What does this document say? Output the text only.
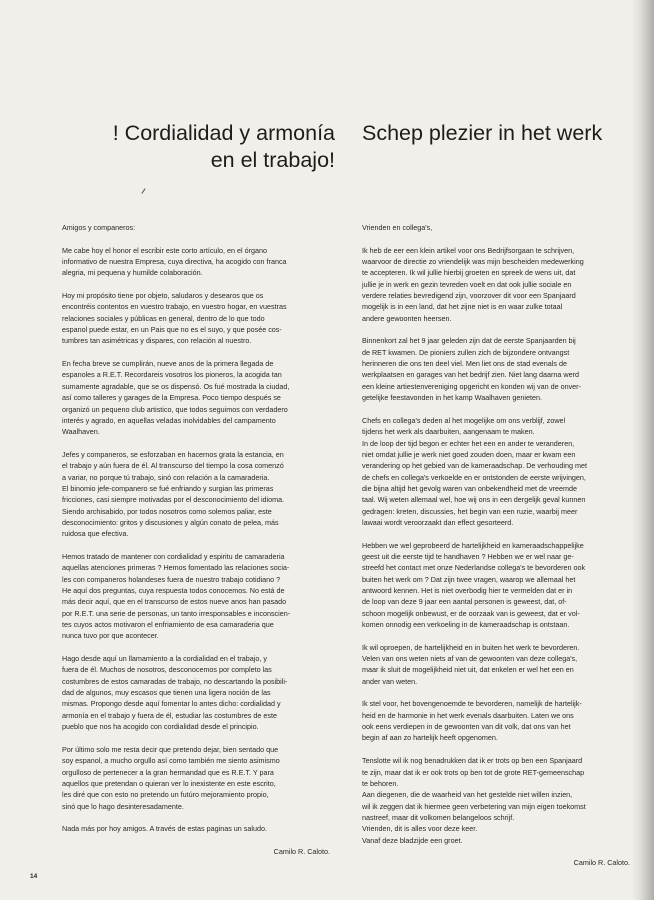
! Cordialidad y armonía
en el trabajo!
Schep plezier in het werk

Amigos y companeros:

Me cabe hoy el honor el escribir este corto artículo, en el órgano
informativo de nuestra Empresa, cuya directiva, ha acogido con franca
alegria, mi pequena y humilde colaboración.

Hoy mi propósito tiene por objeto, saludaros y desearos que os
encontréis contentos en vuestro trabajo, en vuestro hogar, en vuestras
relaciones sociales y públicas en general, dentro de lo que todo
espanol puede estar, en un Pais que no es el suyo, y que posée cos-
tumbres tan asimétricas y dispares, con relación al nuestro.

En fecha breve se cumplirán, nueve anos de la primera llegada de
espanoles a R.E.T. Recordareis vosotros los pioneros, la acogida tan
sumamente agradable, que se os dispensó. Os fué mostrada la ciudad,
así como talleres y garages de la Empresa. Poco tiempo después se
organizó un pequeno club artistico, que todos seguimos con verdadero
interés y agrado, en aquellas veladas inolvidables del campamento
Waalhaven.

Jefes y companeros, se esforzaban en hacernos grata la estancia, en
el trabajo y aún fuera de él. Al transcurso del tiempo la cosa comenzó
a variar, no porque tú trabajo, sinó con relación a la camaraderia.
El binomio jefe-companero se fué enfriando y surgian las primeras
fricciones, casi siempre motivadas por el desconocimiento del idioma.
Siendo archisabido, por todos nosotros como solemos paliar, este
desconocimiento: gritos y discusiones y algún conato de pelea, más
ruidosa que efectiva.

Hemos tratado de mantener con cordialidad y espiritu de camaraderia
aquellas atenciones primeras ? Hemos fomentado las relaciones socia-
les con companeros holandeses fuera de nuestro trabajo cotidiano ?
He aquí dos preguntas, cuya respuesta todos conocemos. No está de
más decir aquí, que en el transcurso de estos nueve anos han pasado
por R.E.T. una serie de personas, un tanto irresponsables e inconscien-
tes cuyos actos motivaron el enfriamiento de esa camaraderia que
nunca tuvo por que acontecer.

Hago desde aquí un llamamiento a la cordialidad en el trabajo, y
fuera de él. Muchos de nosotros, desconocemos por completo las
costumbres de estos camaradas de trabajo, no descartando la posibili-
dad de algunos, muy escasos que tienen una ligera noción de las
mismas. Propongo desde aquí fomentar lo antes dicho: cordialidad y
armonía en el trabajo y fuera de él, estudiar las costumbres de este
pueblo que nos ha acogido con cordialidad desde el principio.

Por último solo me resta decir que pretendo dejar, bien sentado que
soy espanol, a mucho orgullo así como también me siento asimismo
orgulloso de pertenecer a la gran hermandad que es R.E.T. Y para
aquellos que pretendan o quieran ver lo inexistente en este escrito,
les diré que con esto no pretendo un futúro mejoramiento propio,
sinó que lo hago desinteresadamente.

Nada más por hoy amigos. A través de estas paginas un saludo.

Camilo R. Caloto.

Vrienden en collega's,

Ik heb de eer een klein artikel voor ons Bedrijfsorgaan te schrijven,
waarvoor de directie zo vriendelijk was mijn bescheiden medewerking
te accepteren. Ik wil jullie hierbij groeten en spreek de wens uit, dat
jullie je in werk en gezin tevreden voelt en dat ook jullie sociale en
verdere relaties bevredigend zijn, voorzover dit voor een Spanjaard
mogelijk is in een land, dat het zijne niet is en waar zulke totaal
andere gewoonten heersen.

Binnenkort zal het 9 jaar geleden zijn dat de eerste Spanjaarden bij
de RET kwamen. De pioniers zullen zich de bijzondere ontvangst
herinneren die ons ten deel viel. Men liet ons de stad evenals de
werkplaatsen en garages van het bedrijf zien. Niet lang daarna werd
een kleine artiestenvereniging opgericht en konden wij van de onver-
getelijke feestavonden in het kamp Waalhaven genieten.

Chefs en collega's deden al het mogelijke om ons verblijf, zowel
tijdens het werk als daarbuiten, aangenaam te maken.
In de loop der tijd begon er echter het een en ander te veranderen,
niet omdat jullie je werk niet goed zouden doen, maar er kwam een
verandering op het gebied van de kameraadschap. De verhouding met
de chefs en collega's verkoelde en er ontstonden de eerste wrijvingen,
die bijna altijd het gevolg waren van onbekendheid met de vreemde
taal. Wij weten allemaal wel, hoe wij ons in een dergelijk geval kunnen
gedragen: kreten, discussies, het begin van een ruzie, waarbij meer
lawaai wordt veroorzaakt dan effect gesorteerd.

Hebben we wel geprobeerd de hartelijkheid en kameraadschappelijke
geest uit die eerste tijd te handhaven ? Hebben we er wel naar ge-
streefd het contact met onze Nederlandse collega's te bevorderen ook
buiten het werk om ? Dat zijn twee vragen, waarop we allemaal het
antwoord kennen. Het is niet overbodig hier te vermelden dat er in
de loop van deze 9 jaar een aantal personen is geweest, dat, of-
schoon mogelijk onbewust, er de oorzaak van is geweest, dat er vol-
komen onnodig een verkoeling in de kameraadschap is ontstaan.

Ik wil oproepen, de hartelijkheid en in buiten het werk te bevorderen.
Velen van ons weten niets af van de gewoonten van deze collega's,
maar ik sluit de mogelijkheid niet uit, dat enkelen er wel het een en
ander van weten.

Ik stel voor, het bovengenoemde te bevorderen, namelijk de hartelijk-
heid en de harmonie in het werk evenals daarbuiten. Laten we ons
ook eens verdiepen in de gewoonten van dit volk, dat ons van het
begin af aan zo hartelijk heeft opgenomen.

Tenslotte wil ik nog benadrukken dat ik er trots op ben een Spanjaard
te zijn, maar dat ik er ook trots op ben tot de grote RET-gemeenschap
te behoren.
Aan diegenen, die de waarheid van het gestelde niet willen inzien,
wil ik zeggen dat ik hiermee geen verbetering van mijn eigen toekomst
nastreef, maar dit volkomen belangeloos schrijf.
Vrienden, dit is alles voor deze keer.
Vanaf deze bladzijde een groet.

Camilo R. Caloto.

14
